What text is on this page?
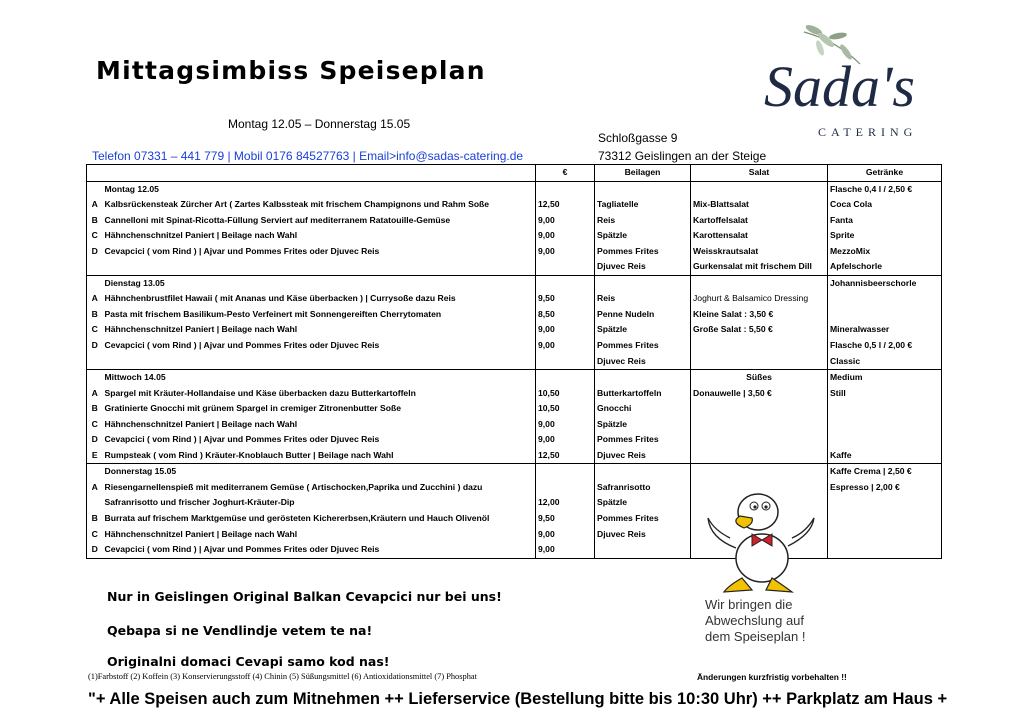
Mittagsimbiss Speiseplan
Montag 12.05 – Donnerstag 15.05
Schloßgasse 9
73312 Geislingen an der Steige
Telefon 07331 – 441 779 | Mobil 0176 84527763 | Email>info@sadas-catering.de
Sada's
CATERING
		€	Beilagen	Salat	Getränke
	Montag 12.05				Flasche 0,4 l / 2,50 €
A	Kalbsrückensteak Zürcher Art ( Zartes Kalbssteak mit frischem Champignons und Rahm Soße	12,50	Tagliatelle	Mix-Blattsalat	Coca Cola
B	Cannelloni mit Spinat-Ricotta-Füllung Serviert auf mediterranem Ratatouille-Gemüse	9,00	Reis	Kartoffelsalat	Fanta
C	Hähnchenschnitzel Paniert | Beilage nach Wahl	9,00	Spätzle	Karottensalat	Sprite
D	Cevapcici ( vom Rind ) | Ajvar und Pommes Frites oder Djuvec Reis	9,00	Pommes Frites	Weisskrautsalat	MezzoMix
			Djuvec Reis	Gurkensalat mit frischem Dill	Apfelschorle
	Dienstag 13.05				Johannisbeerschorle
A	Hähnchenbrustfilet Hawaii ( mit Ananas und Käse überbacken ) | Currysoße dazu Reis	9,50	Reis	Joghurt & Balsamico Dressing	
B	Pasta mit frischem Basilikum-Pesto Verfeinert mit Sonnengereiften Cherrytomaten	8,50	Penne Nudeln	Kleine Salat : 3,50 €	
C	Hähnchenschnitzel Paniert | Beilage nach Wahl	9,00	Spätzle	Große Salat : 5,50 €	Mineralwasser
D	Cevapcici ( vom Rind ) | Ajvar und Pommes Frites oder Djuvec Reis	9,00	Pommes Frites		Flasche 0,5 l / 2,00 €
			Djuvec Reis		Classic
	Mittwoch 14.05			Süßes	Medium
A	Spargel mit Kräuter-Hollandaise und Käse überbacken dazu Butterkartoffeln	10,50	Butterkartoffeln	Donauwelle | 3,50 €	Still
B	Gratinierte Gnocchi mit grünem Spargel in cremiger Zitronenbutter Soße	10,50	Gnocchi		
C	Hähnchenschnitzel Paniert | Beilage nach Wahl	9,00	Spätzle		
D	Cevapcici ( vom Rind ) | Ajvar und Pommes Frites oder Djuvec Reis	9,00	Pommes Frites		
E	Rumpsteak ( vom Rind ) Kräuter-Knoblauch Butter | Beilage nach Wahl	12,50	Djuvec Reis		Kaffe
	Donnerstag 15.05				Kaffe Crema | 2,50 €
A	Riesengarnellenspieß mit mediterranem Gemüse ( Artischocken,Paprika und Zucchini ) dazu		Safranrisotto		Espresso | 2,00 €
	Safranrisotto und frischer Joghurt-Kräuter-Dip	12,00	Spätzle		
B	Burrata auf frischem Marktgemüse und gerösteten Kichererbsen,Kräutern und Hauch Olivenöl	9,50	Pommes Frites		
C	Hähnchenschnitzel Paniert | Beilage nach Wahl	9,00	Djuvec Reis		
D	Cevapcici ( vom Rind ) | Ajvar und Pommes Frites oder Djuvec Reis	9,00			
Nur in Geislingen Original Balkan Cevapcici nur bei uns!
Qebapa si ne Vendlindje vetem te na!
Originalni domaci Cevapi samo kod nas!
Wir bringen die Abwechslung auf dem Speiseplan !
(1)Farbstoff (2) Koffein (3) Konservierungsstoff (4) Chinin (5) Süßungsmittel (6) Antioxidationsmittel (7) Phosphat	Änderungen kurzfristig vorbehalten !!
"+ Alle Speisen auch zum Mitnehmen ++ Lieferservice (Bestellung bitte bis 10:30 Uhr) ++ Parkplatz am Haus +
